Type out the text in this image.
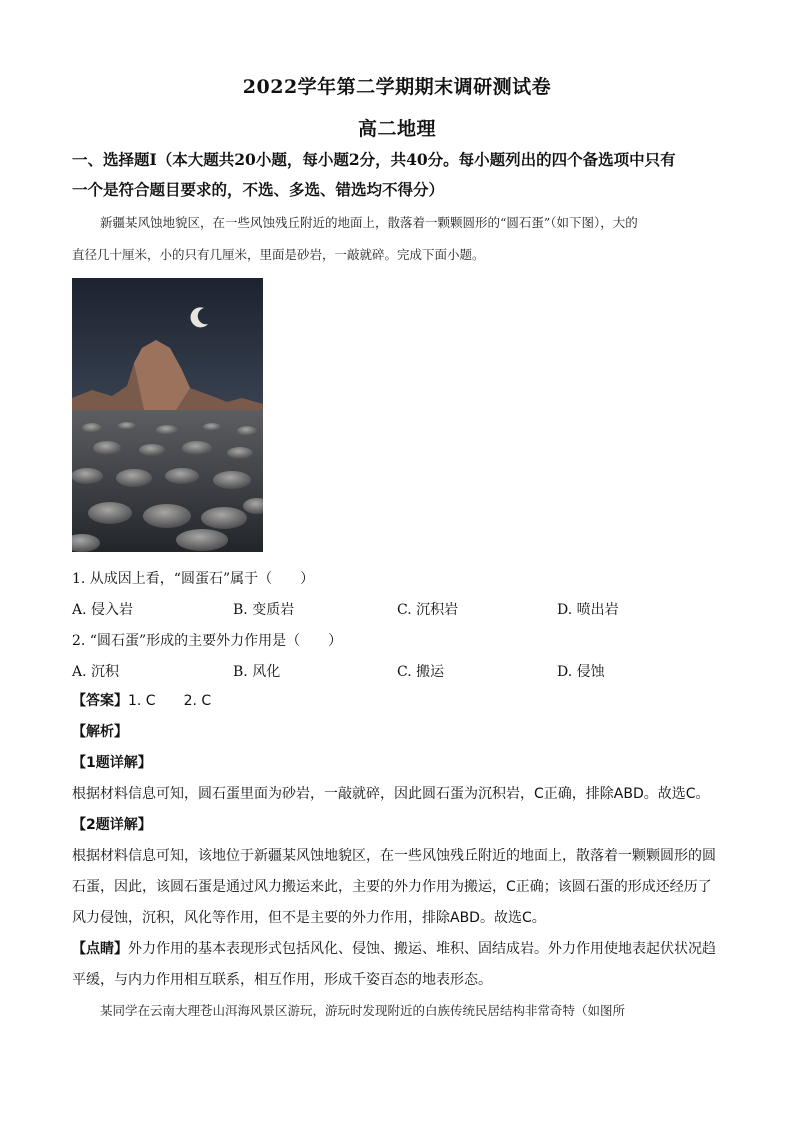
2022学年第二学期期末调研测试卷
高二地理
一、选择题Ⅰ（本大题共20小题，每小题2分，共40分。每小题列出的四个备选项中只有
一个是符合题目要求的，不选、多选、错选均不得分）
新疆某风蚀地貌区，在一些风蚀残丘附近的地面上，散落着一颗颗圆形的“圆石蛋”（如下图），大的
直径几十厘米，小的只有几厘米，里面是砂岩，一敲就碎。完成下面小题。
1. 从成因上看，“圆蛋石”属于（　　）
A. 侵入岩	B. 变质岩	C. 沉积岩	D. 喷出岩
2. “圆石蛋”形成的主要外力作用是（　　）
A. 沉积	B. 风化	C. 搬运	D. 侵蚀
【答案】1. C　　2. C
【解析】
【1题详解】
根据材料信息可知，圆石蛋里面为砂岩，一敲就碎，因此圆石蛋为沉积岩，C正确，排除ABD。故选C。
【2题详解】
根据材料信息可知，该地位于新疆某风蚀地貌区，在一些风蚀残丘附近的地面上，散落着一颗颗圆形的圆
石蛋，因此，该圆石蛋是通过风力搬运来此，主要的外力作用为搬运，C正确；该圆石蛋的形成还经历了
风力侵蚀，沉积，风化等作用，但不是主要的外力作用，排除ABD。故选C。
【点睛】外力作用的基本表现形式包括风化、侵蚀、搬运、堆积、固结成岩。外力作用使地表起伏状况趋
平缓，与内力作用相互联系，相互作用，形成千姿百态的地表形态。
某同学在云南大理苍山洱海风景区游玩，游玩时发现附近的白族传统民居结构非常奇特（如图所
